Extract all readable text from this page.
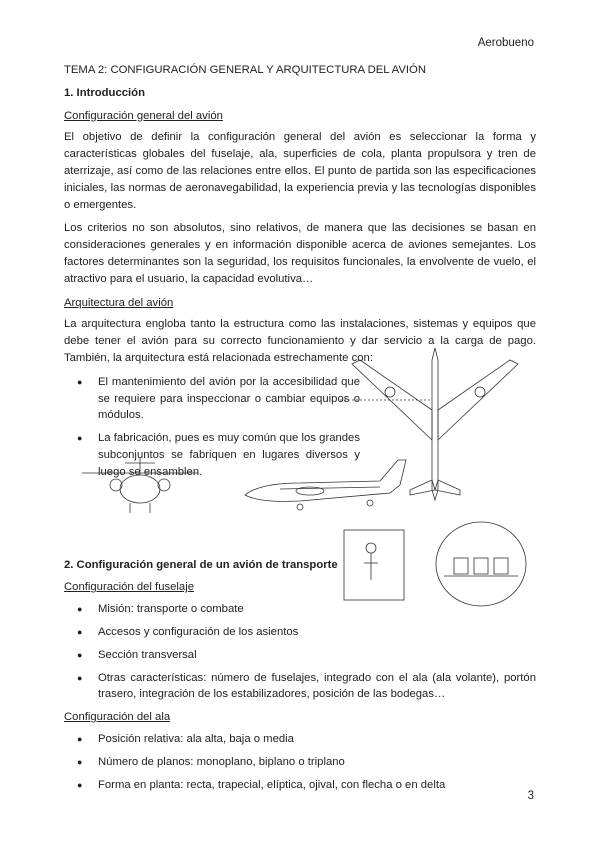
Aerobueno
TEMA 2: CONFIGURACIÓN GENERAL Y ARQUITECTURA DEL AVIÓN
1. Introducción
Configuración general del avión
El objetivo de definir la configuración general del avión es seleccionar la forma y características globales del fuselaje, ala, superficies de cola, planta propulsora y tren de aterrizaje, así como de las relaciones entre ellos. El punto de partida son las especificaciones iniciales, las normas de aeronavegabilidad, la experiencia previa y las tecnologías disponibles o emergentes.
Los criterios no son absolutos, sino relativos, de manera que las decisiones se basan en consideraciones generales y en información disponible acerca de aviones semejantes. Los factores determinantes son la seguridad, los requisitos funcionales, la envolvente de vuelo, el atractivo para el usuario, la capacidad evolutiva…
Arquitectura del avión
La arquitectura engloba tanto la estructura como las instalaciones, sistemas y equipos que debe tener el avión para su correcto funcionamiento y dar servicio a la carga de pago. También, la arquitectura está relacionada estrechamente con:
● El mantenimiento del avión por la accesibilidad que se requiere para inspeccionar o cambiar equipos o módulos.
● La fabricación, pues es muy común que los grandes subconjuntos se fabriquen en lugares diversos y luego se ensamblen.
2. Configuración general de un avión de transporte
Configuración del fuselaje
● Misión: transporte o combate
● Accesos y configuración de los asientos
● Sección transversal
● Otras características: número de fuselajes, integrado con el ala (ala volante), portón trasero, integración de los estabilizadores, posición de las bodegas…
Configuración del ala
● Posición relativa: ala alta, baja o media
● Número de planos: monoplano, biplano o triplano
● Forma en planta: recta, trapecial, elíptica, ojival, con flecha o en delta
3
